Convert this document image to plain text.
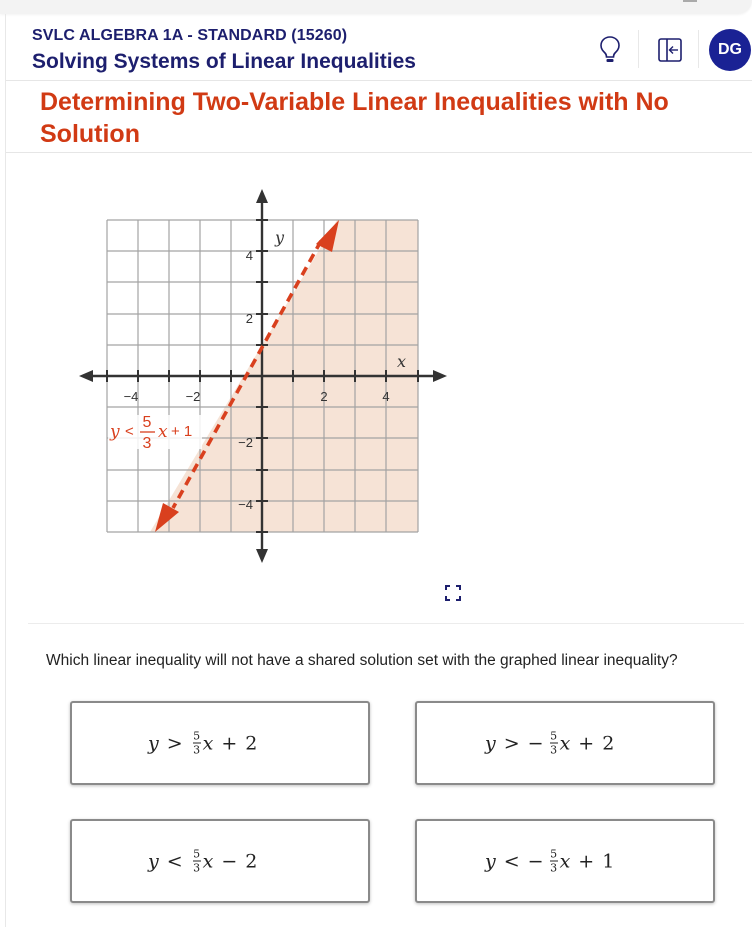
SVLC ALGEBRA 1A - STANDARD (15260)
Solving Systems of Linear Inequalities
DG
Determining Two-Variable Linear Inequalities with No Solution
−4	−2	2	4
4
2
−2
−4
y
x
y <
5
3
x + 1
Which linear inequality will not have a shared solution set with the graphed linear inequality?
$y > \frac{5}{3}$ x + 2	y > − $\frac{5}{3}$ x + 2
$y < \frac{5}{3}$ x − 2	y < − $\frac{5}{3}$ x + 1
